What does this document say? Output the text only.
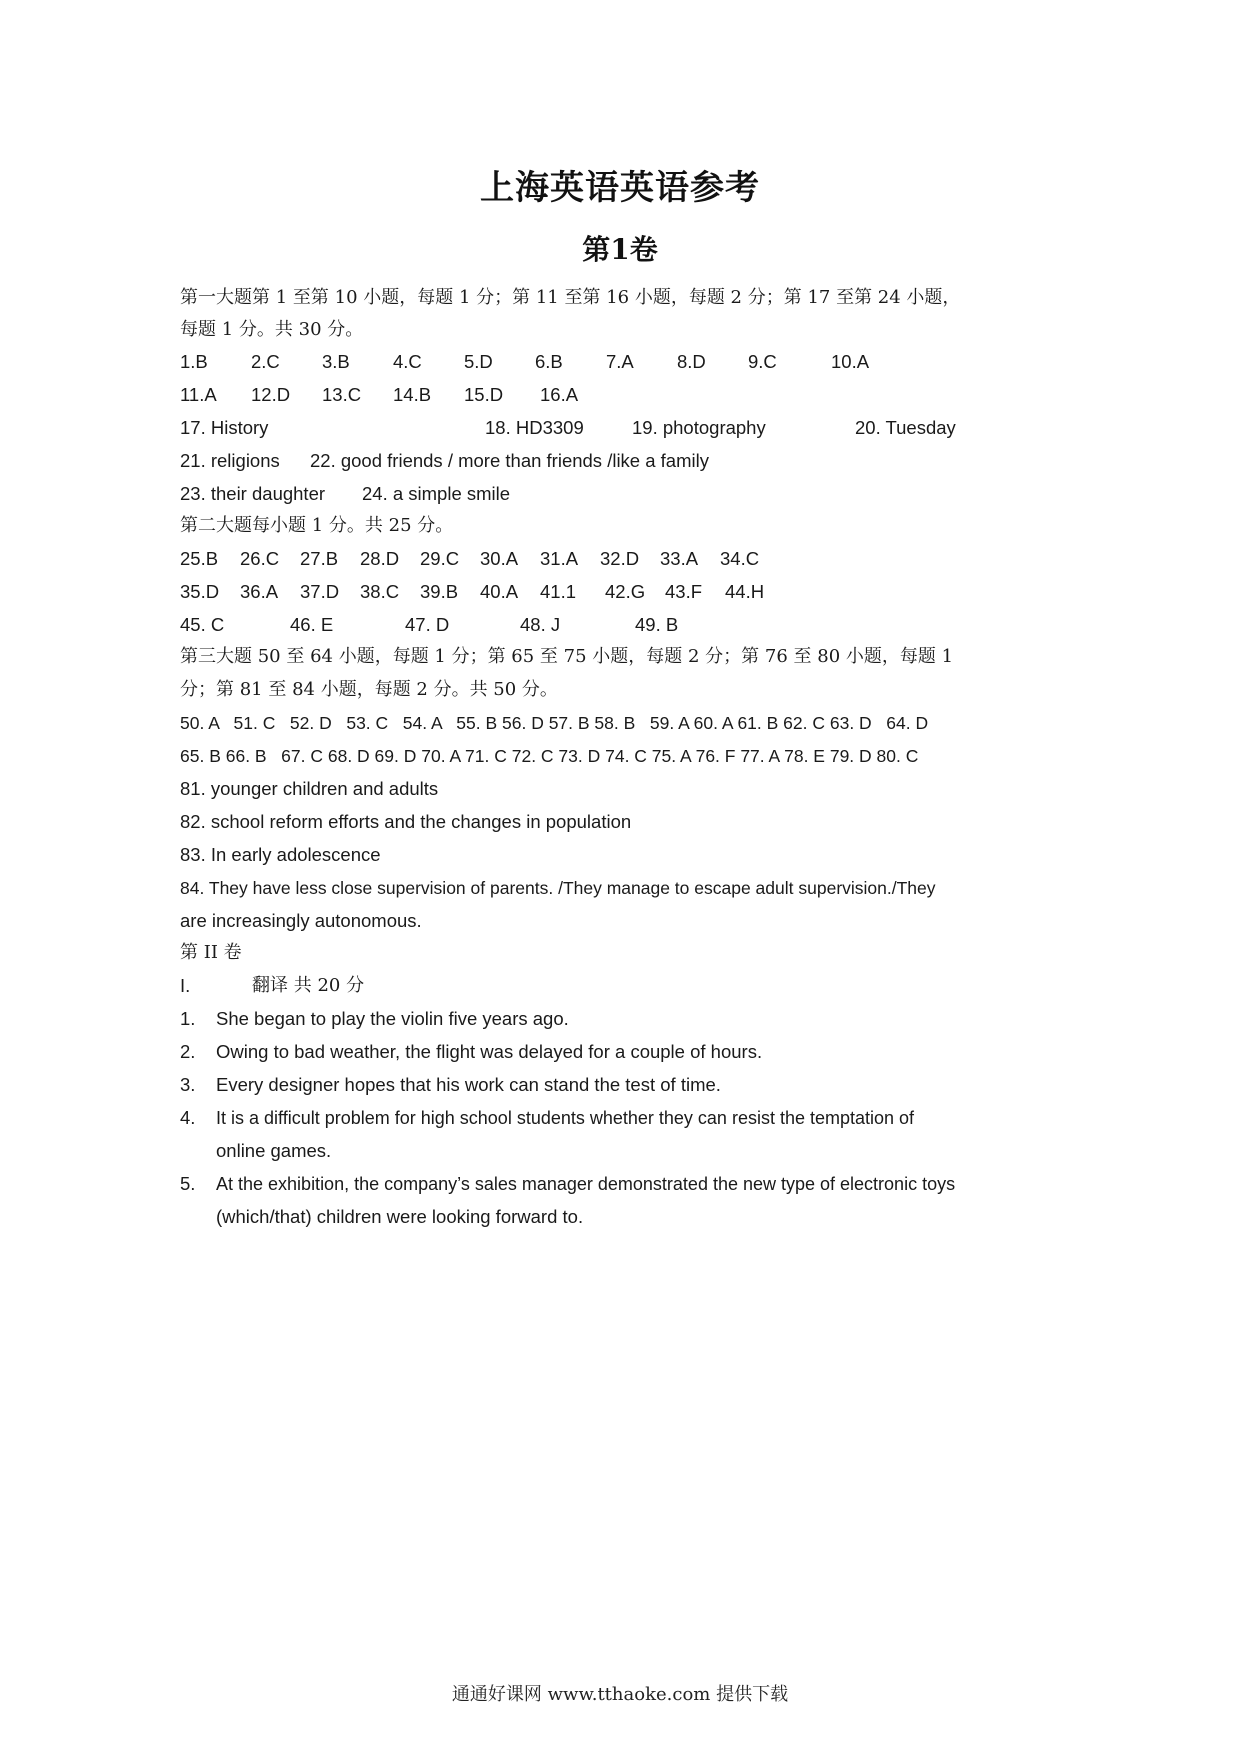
上海英语英语参考
第1卷
第一大题第 1 至第 10 小题，每题 1 分；第 11 至第 16 小题，每题 2 分；第 17 至第 24 小题，
每题 1 分。共 30 分。
1.B 2.C 3.B 4.C 5.D 6.B 7.A 8.D 9.C	10.A
11.A 12.D 13.C 14.B 15.D 16.A
17. History	18. HD3309	19. photography	20. Tuesday
21. religions 22. good friends / more than friends /like a family
23. their daughter 24. a simple smile
第二大题每小题 1 分。共 25 分。
25.B 26.C 27.B 28.D 29.C 30.A 31.A 32.D 33.A 34.C
35.D 36.A 37.D 38.C 39.B 40.A 41.1 42.G 43.F 44.H
45. C	46. E	47. D	48. J	49. B
第三大题 50 至 64 小题，每题 1 分；第 65 至 75 小题，每题 2 分；第 76 至 80 小题，每题 1
分；第 81 至 84 小题，每题 2 分。共 50 分。
50. A   51. C   52. D   53. C   54. A   55. B 56. D 57. B 58. B   59. A 60. A 61. B 62. C 63. D   64. D
65. B 66. B   67. C 68. D 69. D 70. A 71. C 72. C 73. D 74. C 75. A 76. F 77. A 78. E 79. D 80. C
81. younger children and adults
82. school reform efforts and the changes in population
83. In early adolescence
84. They have less close supervision of parents. /They manage to escape adult supervision./They
are increasingly autonomous.
第 II 卷
I.	翻译 共 20 分
1. She began to play the violin five years ago.
2. Owing to bad weather, the flight was delayed for a couple of hours.
3. Every designer hopes that his work can stand the test of time.
4. It is a difficult problem for high school students whether they can resist the temptation of
online games.
5. At the exhibition, the company’s sales manager demonstrated the new type of electronic toys
(which/that) children were looking forward to.
通通好课网 www.tthaoke.com 提供下载
